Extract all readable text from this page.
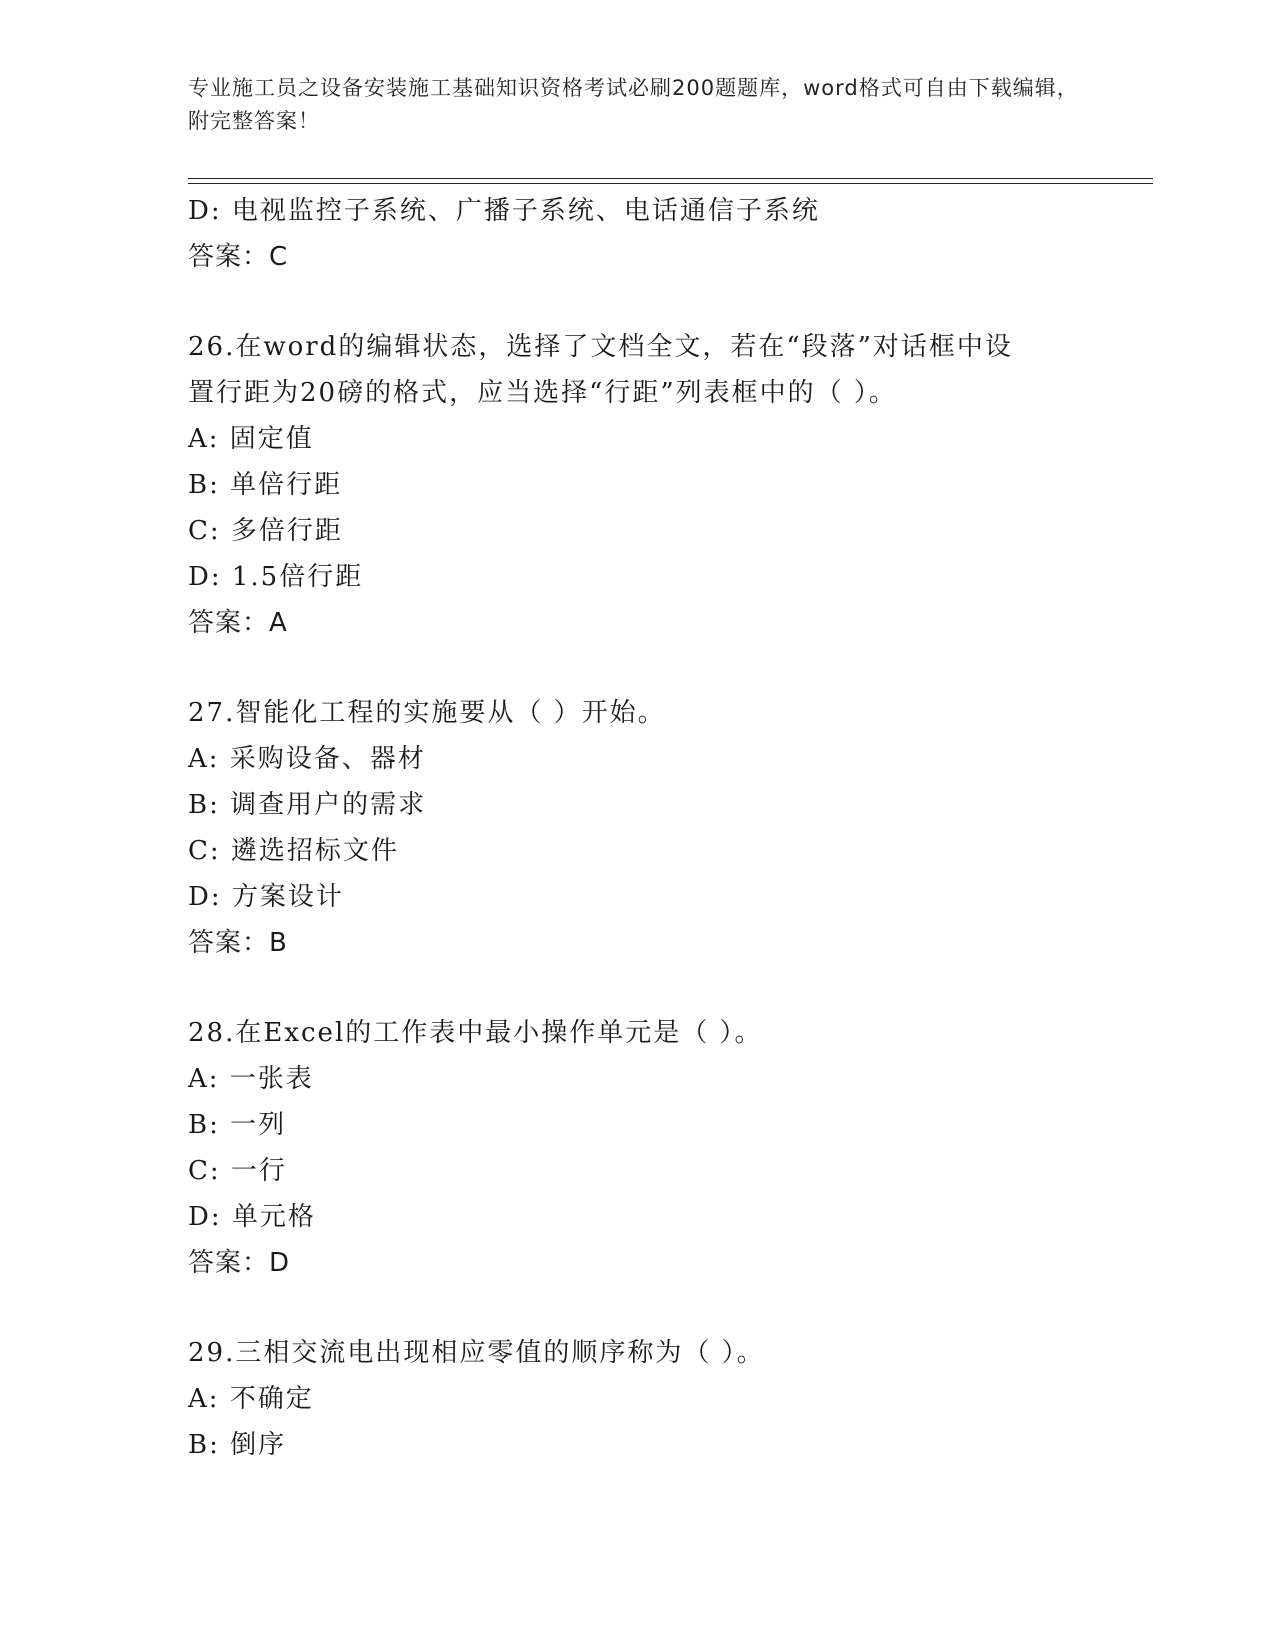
专业施工员之设备安装施工基础知识资格考试必刷200题题库，word格式可自由下载编辑，附完整答案！
D: 电视监控子系统、广播子系统、电话通信子系统
答案：C
26.在word的编辑状态，选择了文档全文，若在“段落”对话框中设
置行距为20磅的格式，应当选择“行距”列表框中的（ ）。
A: 固定值
B: 单倍行距
C: 多倍行距
D: 1.5倍行距
答案：A
27.智能化工程的实施要从（ ）开始。
A: 采购设备、器材
B: 调查用户的需求
C: 遴选招标文件
D: 方案设计
答案：B
28.在Excel的工作表中最小操作单元是（ ）。
A: 一张表
B: 一列
C: 一行
D: 单元格
答案：D
29.三相交流电出现相应零值的顺序称为（ ）。
A: 不确定
B: 倒序
